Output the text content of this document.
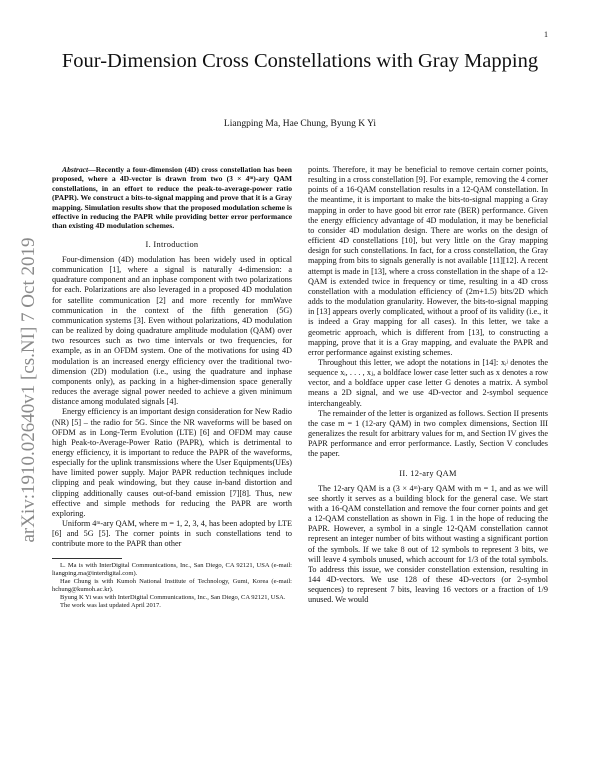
1
arXiv:1910.02640v1 [cs.NI] 7 Oct 2019
Four-Dimension Cross Constellations with Gray Mapping
Liangping Ma, Hae Chung, Byung K Yi

Abstract—Recently a four-dimension (4D) cross constellation has been proposed, where a 4D-vector is drawn from two (3 × 4ᵐ)-ary QAM constellations, in an effort to reduce the peak-to-average-power ratio (PAPR). We construct a bits-to-signal mapping and prove that it is a Gray mapping. Simulation results show that the proposed modulation scheme is effective in reducing the PAPR while providing better error performance than existing 4D modulation schemes.

I. Introduction

Four-dimension (4D) modulation has been widely used in optical communication [1], where a signal is naturally 4-dimension: a quadrature component and an inphase component with two polarizations for each. Polarizations are also leveraged in a proposed 4D modulation for satellite communication [2] and more recently for mmWave communication in the context of the fifth generation (5G) communication systems [3]. Even without polarizations, 4D modulation can be realized by doing quadrature amplitude modulation (QAM) over two resources such as two time intervals or two frequencies, for example, as in an OFDM system. One of the motivations for using 4D modulation is an increased energy efficiency over the traditional two-dimension (2D) modulation (i.e., using the quadrature and inphase components only), as packing in a higher-dimension space generally reduces the average signal power needed to achieve a given minimum distance among modulated signals [4].

Energy efficiency is an important design consideration for New Radio (NR) [5] – the radio for 5G. Since the NR waveforms will be based on OFDM as in Long-Term Evolution (LTE) [6] and OFDM may cause high Peak-to-Average-Power Ratio (PAPR), which is detrimental to energy efficiency, it is important to reduce the PAPR of the waveforms, especially for the uplink transmissions where the User Equipments(UEs) have limited power supply. Major PAPR reduction techniques include clipping and peak windowing, but they cause in-band distortion and clipping additionally causes out-of-band emission [7][8]. Thus, new effective and simple methods for reducing the PAPR are worth exploring.

Uniform 4ᵐ-ary QAM, where m = 1, 2, 3, 4, has been adopted by LTE [6] and 5G [5]. The corner points in such constellations tend to contribute more to the PAPR than other

L. Ma is with InterDigital Communications, Inc., San Diego, CA 92121, USA (e-mail: liangping.ma@interdigital.com).

Hae Chung is with Kumoh National Institute of Technology, Gumi, Korea (e-mail: hchung@kumoh.ac.kr).

Byung K Yi was with InterDigital Communications, Inc., San Diego, CA 92121, USA.

The work was last updated April 2017.

points. Therefore, it may be beneficial to remove certain corner points, resulting in a cross constellation [9]. For example, removing the 4 corner points of a 16-QAM constellation results in a 12-QAM constellation. In the meantime, it is important to make the bits-to-signal mapping a Gray mapping in order to have good bit error rate (BER) performance. Given the energy efficiency advantage of 4D modulation, it may be beneficial to consider 4D modulation design. There are works on the design of efficient 4D constellations [10], but very little on the Gray mapping design for such constellations. In fact, for a cross constellation, the Gray mapping from bits to signals generally is not available [11][12]. A recent attempt is made in [13], where a cross constellation in the shape of a 12-QAM is extended twice in frequency or time, resulting in a 4D cross constellation with a modulation efficiency of (2m+1.5) bits/2D which adds to the modulation granularity. However, the bits-to-signal mapping in [13] appears overly complicated, without a proof of its validity (i.e., it is indeed a Gray mapping for all cases). In this letter, we take a geometric approach, which is different from [13], to constructing a mapping, prove that it is a Gray mapping, and evaluate the PAPR and error performance against existing schemes.

Throughout this letter, we adopt the notations in [14]: xᵢʲ denotes the sequence xᵢ, . . . , xⱼ, a boldface lower case letter such as x denotes a row vector, and a boldface upper case letter G denotes a matrix. A symbol means a 2D signal, and we use 4D-vector and 2-symbol sequence interchangeably.

The remainder of the letter is organized as follows. Section II presents the case m = 1 (12-ary QAM) in two complex dimensions, Section III generalizes the result for arbitrary values for m, and Section IV gives the PAPR performance and error performance. Lastly, Section V concludes the paper.

II. 12-ary QAM

The 12-ary QAM is a (3 × 4ᵐ)-ary QAM with m = 1, and as we will see shortly it serves as a building block for the general case. We start with a 16-QAM constellation and remove the four corner points and get a 12-QAM constellation as shown in Fig. 1 in the hope of reducing the PAPR. However, a symbol in a single 12-QAM constellation cannot represent an integer number of bits without wasting a significant portion of the symbols. If we take 8 out of 12 symbols to represent 3 bits, we will leave 4 symbols unused, which account for 1/3 of the total symbols. To address this issue, we consider constellation extension, resulting in 144 4D-vectors. We use 128 of these 4D-vectors (or 2-symbol sequences) to represent 7 bits, leaving 16 vectors or a fraction of 1/9 unused. We would
